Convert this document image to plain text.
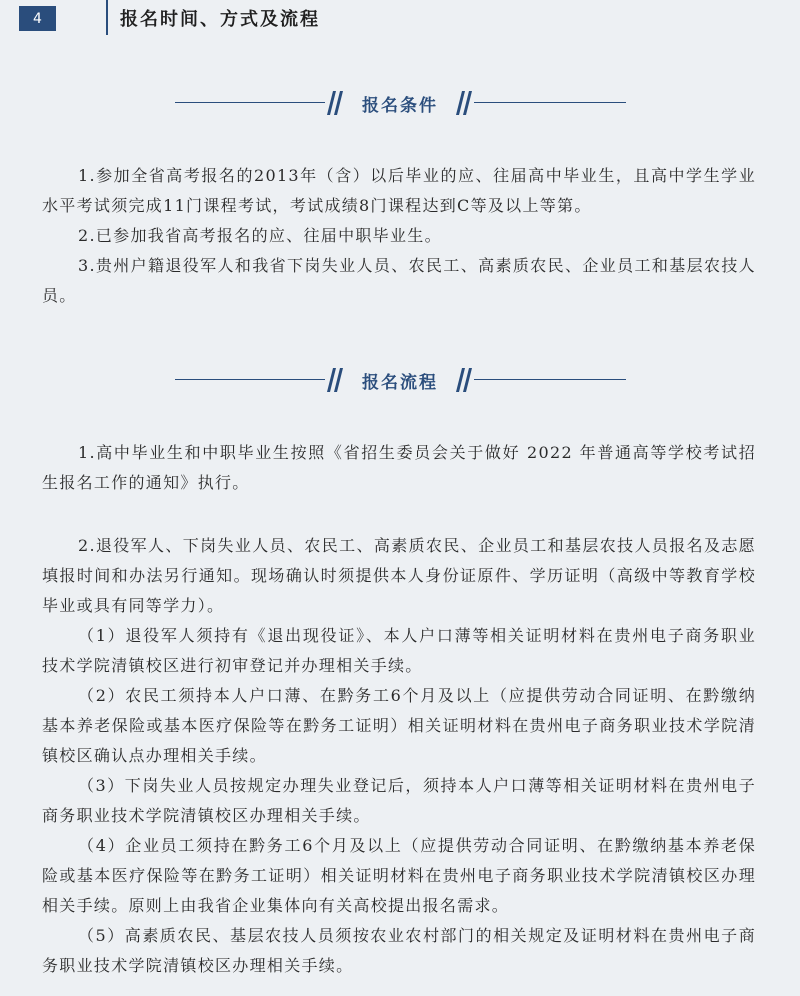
4	报名时间、方式及流程
报名条件

1.参加全省高考报名的2013年（含）以后毕业的应、往届高中毕业生，且高中学生学业水平考试须完成11门课程考试，考试成绩8门课程达到C等及以上等第。

2.已参加我省高考报名的应、往届中职毕业生。

3.贵州户籍退役军人和我省下岗失业人员、农民工、高素质农民、企业员工和基层农技人员。

报名流程

1.高中毕业生和中职毕业生按照《省招生委员会关于做好 2022 年普通高等学校考试招生报名工作的通知》执行。

2.退役军人、下岗失业人员、农民工、高素质农民、企业员工和基层农技人员报名及志愿填报时间和办法另行通知。现场确认时须提供本人身份证原件、学历证明（高级中等教育学校毕业或具有同等学力）。

（1）退役军人须持有《退出现役证》、本人户口薄等相关证明材料在贵州电子商务职业技术学院清镇校区进行初审登记并办理相关手续。

（2）农民工须持本人户口薄、在黔务工6个月及以上（应提供劳动合同证明、在黔缴纳基本养老保险或基本医疗保险等在黔务工证明）相关证明材料在贵州电子商务职业技术学院清镇校区确认点办理相关手续。

（3）下岗失业人员按规定办理失业登记后，须持本人户口薄等相关证明材料在贵州电子商务职业技术学院清镇校区办理相关手续。

（4）企业员工须持在黔务工6个月及以上（应提供劳动合同证明、在黔缴纳基本养老保险或基本医疗保险等在黔务工证明）相关证明材料在贵州电子商务职业技术学院清镇校区办理相关手续。原则上由我省企业集体向有关高校提出报名需求。

（5）高素质农民、基层农技人员须按农业农村部门的相关规定及证明材料在贵州电子商务职业技术学院清镇校区办理相关手续。
